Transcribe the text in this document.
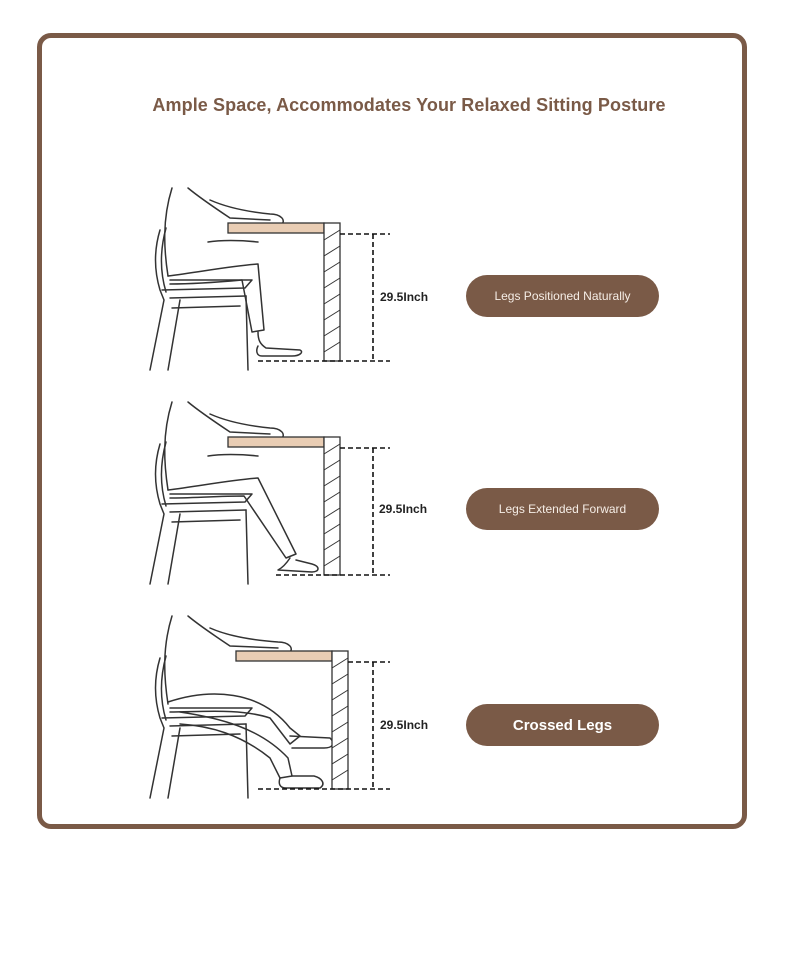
Ample Space, Accommodates Your Relaxed Sitting Posture
29.5Inch	Legs Positioned Naturally
29.5Inch	Legs Extended Forward
29.5Inch	Crossed Legs
